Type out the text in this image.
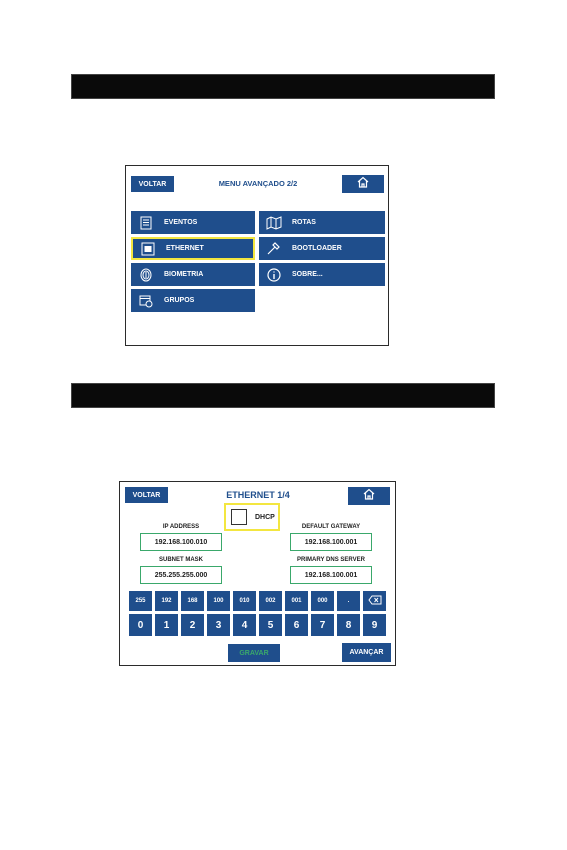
VOLTAR	MENU AVANÇADO 2/2
EVENTOS	ROTAS
ETHERNET	BOOTLOADER
BIOMETRIA	SOBRE...
GRUPOS
VOLTAR	ETHERNET 1/4
DHCP
IP ADDRESS
192.168.100.010
DEFAULT GATEWAY
192.168.100.001
SUBNET MASK
255.255.255.000
PRIMARY DNS SERVER
192.168.100.001
255	192	168	100	010	002	001	000	.
0	1	2	3	4	5	6	7	8	9
GRAVAR	AVANÇAR
